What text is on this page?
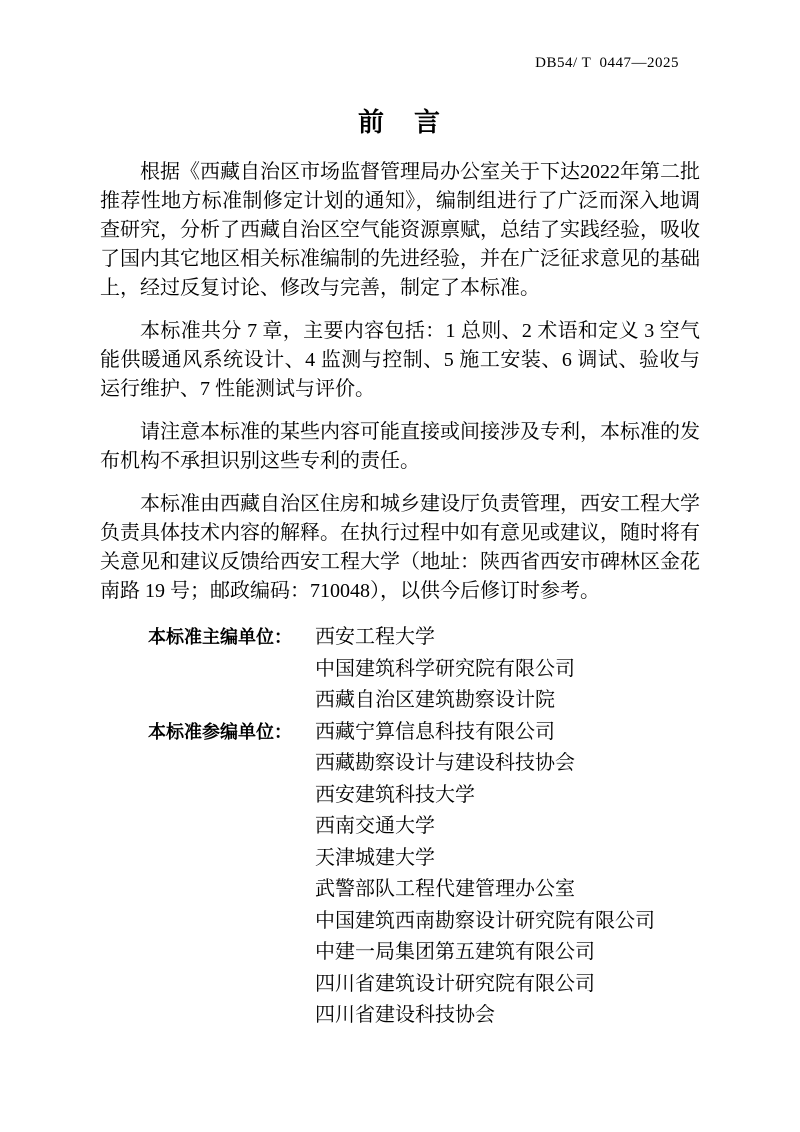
DB54/ T  0447—2025
前　言

根据《西藏自治区市场监督管理局办公室关于下达2022年第二批推荐性地方标准制修定计划的通知》，编制组进行了广泛而深入地调查研究，分析了西藏自治区空气能资源禀赋，总结了实践经验，吸收了国内其它地区相关标准编制的先进经验，并在广泛征求意见的基础上，经过反复讨论、修改与完善，制定了本标准。

本标准共分 7 章，主要内容包括：1 总则、2 术语和定义 3 空气能供暖通风系统设计、4 监测与控制、5 施工安装、6 调试、验收与运行维护、7 性能测试与评价。

请注意本标准的某些内容可能直接或间接涉及专利，本标准的发布机构不承担识别这些专利的责任。

本标准由西藏自治区住房和城乡建设厅负责管理，西安工程大学负责具体技术内容的解释。在执行过程中如有意见或建议，随时将有关意见和建议反馈给西安工程大学（地址：陕西省西安市碑林区金花南路 19 号；邮政编码：710048），以供今后修订时参考。

本标准主编单位：	西安工程大学
中国建筑科学研究院有限公司
西藏自治区建筑勘察设计院
本标准参编单位：	西藏宁算信息科技有限公司
西藏勘察设计与建设科技协会
西安建筑科技大学
西南交通大学
天津城建大学
武警部队工程代建管理办公室
中国建筑西南勘察设计研究院有限公司
中建一局集团第五建筑有限公司
四川省建筑设计研究院有限公司
四川省建设科技协会
